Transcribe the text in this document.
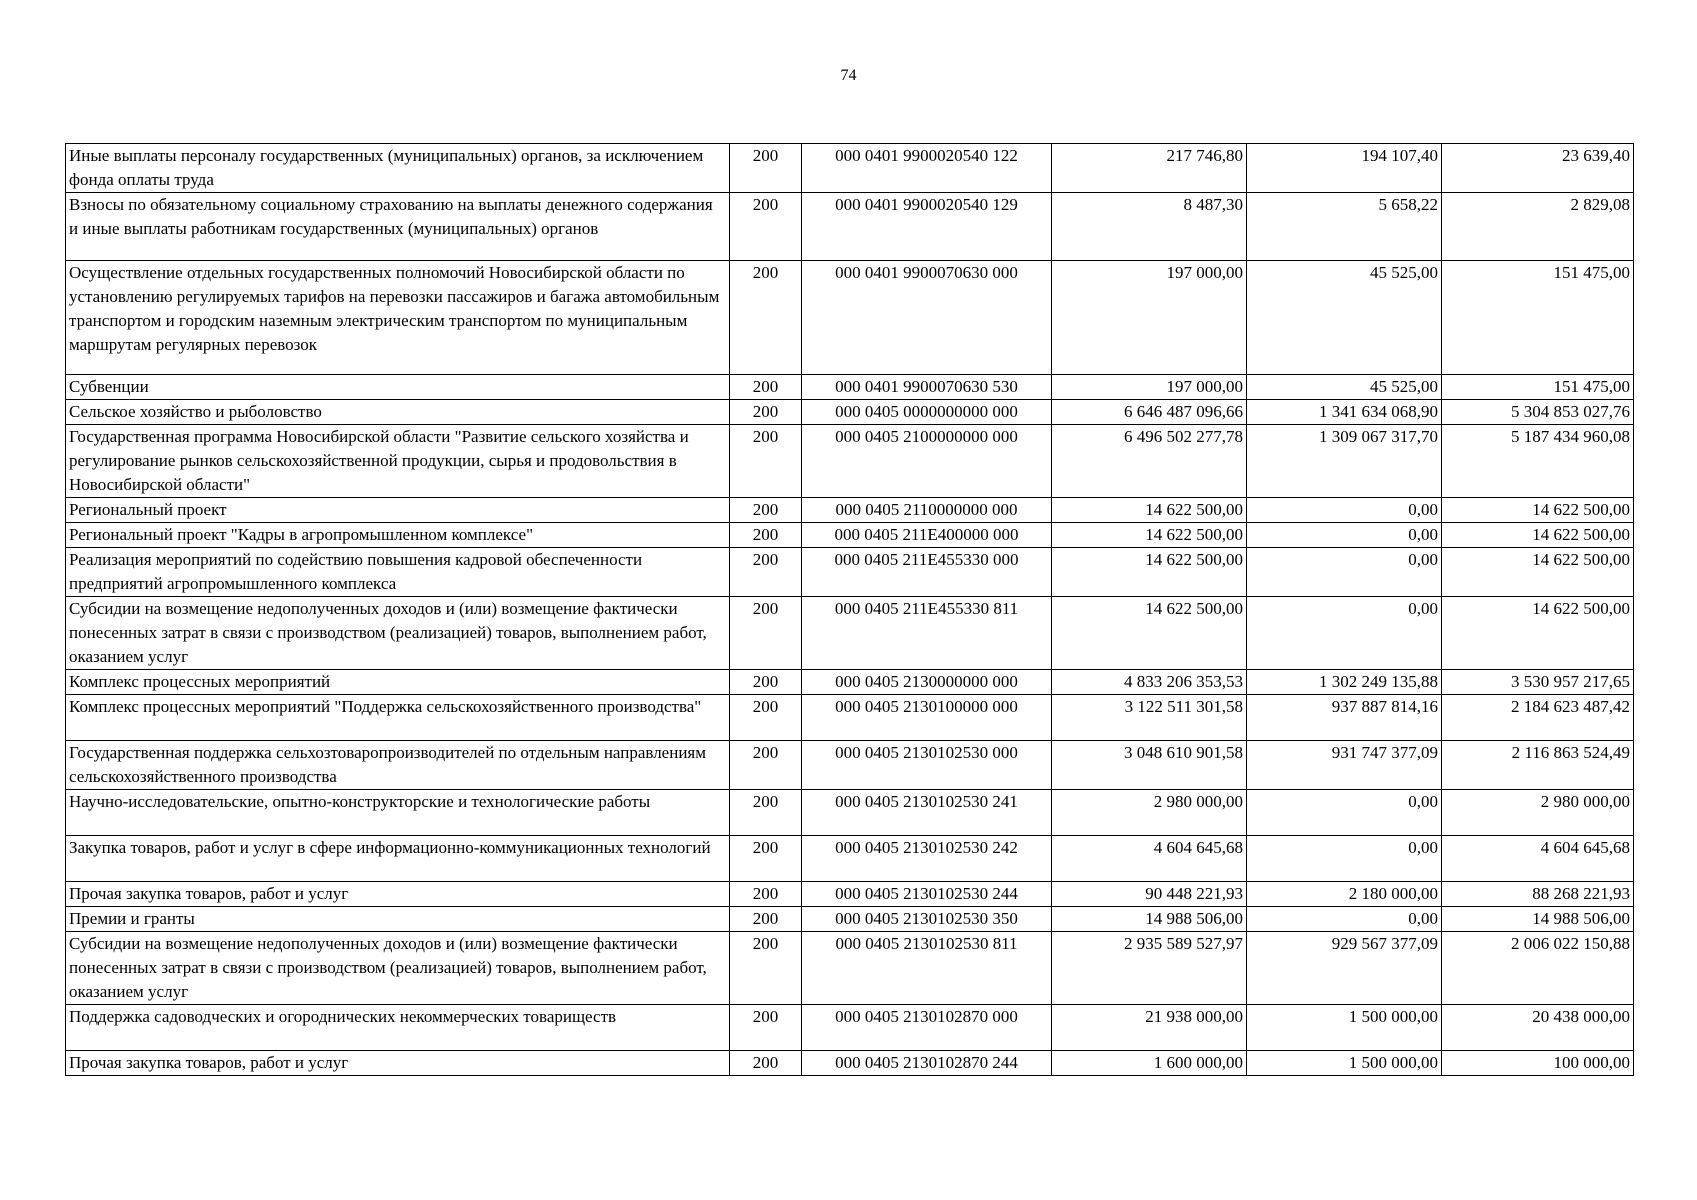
74
Иные выплаты персоналу государственных (муниципальных) органов, за исключением фонда оплаты труда	200	000 0401 9900020540 122	217 746,80	194 107,40	23 639,40
Взносы по обязательному социальному страхованию на выплаты денежного содержания и иные выплаты работникам государственных (муниципальных) органов	200	000 0401 9900020540 129	8 487,30	5 658,22	2 829,08
Осуществление отдельных государственных полномочий Новосибирской области по установлению регулируемых тарифов на перевозки пассажиров и багажа автомобильным транспортом и городским наземным электрическим транспортом по муниципальным маршрутам регулярных перевозок	200	000 0401 9900070630 000	197 000,00	45 525,00	151 475,00
Субвенции	200	000 0401 9900070630 530	197 000,00	45 525,00	151 475,00
Сельское хозяйство и рыболовство	200	000 0405 0000000000 000	6 646 487 096,66	1 341 634 068,90	5 304 853 027,76
Государственная программа Новосибирской области "Развитие сельского хозяйства и регулирование рынков сельскохозяйственной продукции, сырья и продовольствия в Новосибирской области"	200	000 0405 2100000000 000	6 496 502 277,78	1 309 067 317,70	5 187 434 960,08
Региональный проект	200	000 0405 2110000000 000	14 622 500,00	0,00	14 622 500,00
Региональный проект "Кадры в агропромышленном комплексе"	200	000 0405 211E400000 000	14 622 500,00	0,00	14 622 500,00
Реализация мероприятий по содействию повышения кадровой обеспеченности предприятий агропромышленного комплекса	200	000 0405 211E455330 000	14 622 500,00	0,00	14 622 500,00
Субсидии на возмещение недополученных доходов и (или) возмещение фактически понесенных затрат в связи с производством (реализацией) товаров, выполнением работ, оказанием услуг	200	000 0405 211E455330 811	14 622 500,00	0,00	14 622 500,00
Комплекс процессных мероприятий	200	000 0405 2130000000 000	4 833 206 353,53	1 302 249 135,88	3 530 957 217,65
Комплекс процессных мероприятий "Поддержка сельскохозяйственного производства"	200	000 0405 2130100000 000	3 122 511 301,58	937 887 814,16	2 184 623 487,42
Государственная поддержка сельхозтоваропроизводителей по отдельным направлениям сельскохозяйственного производства	200	000 0405 2130102530 000	3 048 610 901,58	931 747 377,09	2 116 863 524,49
Научно-исследовательские, опытно-конструкторские и технологические работы	200	000 0405 2130102530 241	2 980 000,00	0,00	2 980 000,00
Закупка товаров, работ и услуг в сфере информационно-коммуникационных технологий	200	000 0405 2130102530 242	4 604 645,68	0,00	4 604 645,68
Прочая закупка товаров, работ и услуг	200	000 0405 2130102530 244	90 448 221,93	2 180 000,00	88 268 221,93
Премии и гранты	200	000 0405 2130102530 350	14 988 506,00	0,00	14 988 506,00
Субсидии на возмещение недополученных доходов и (или) возмещение фактически понесенных затрат в связи с производством (реализацией) товаров, выполнением работ, оказанием услуг	200	000 0405 2130102530 811	2 935 589 527,97	929 567 377,09	2 006 022 150,88
Поддержка садоводческих и огороднических некоммерческих товариществ	200	000 0405 2130102870 000	21 938 000,00	1 500 000,00	20 438 000,00
Прочая закупка товаров, работ и услуг	200	000 0405 2130102870 244	1 600 000,00	1 500 000,00	100 000,00
